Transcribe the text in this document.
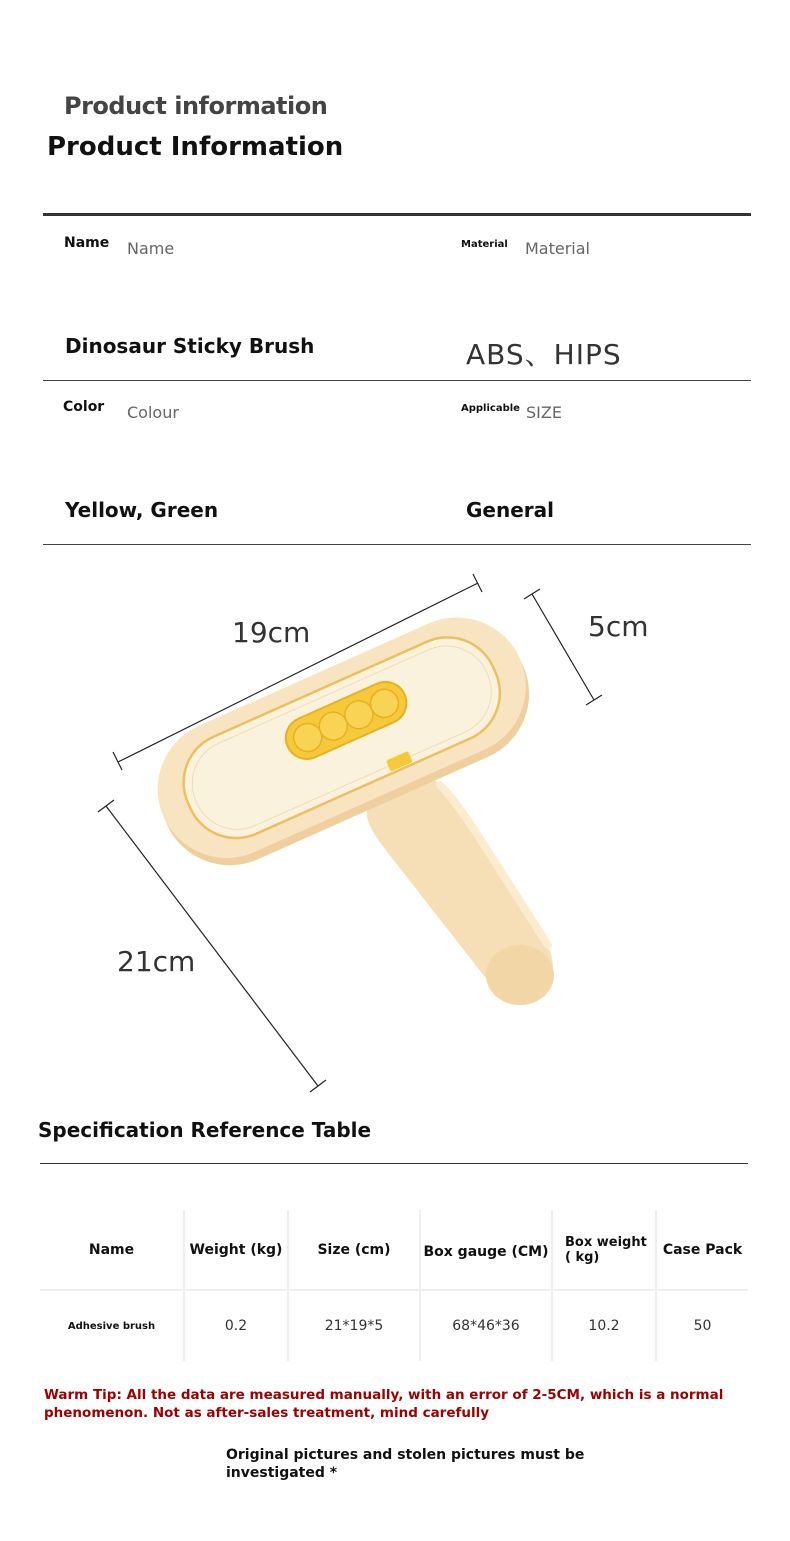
Product information
Product Information
Name Name	Material Material
Dinosaur Sticky Brush	ABS、HIPS
Color Colour	Applicable SIZE
Yellow, Green	General
19cm	5cm
21cm
Specification Reference Table
Name	Weight (kg)	Size (cm)	Box gauge (CM)	Box weight ( kg)	Case Pack
Adhesive brush	0.2	21*19*5	68*46*36	10.2	50
Warm Tip: All the data are measured manually, with an error of 2-5CM, which is a normal phenomenon. Not as after-sales treatment, mind carefully
Original pictures and stolen pictures must be investigated *
